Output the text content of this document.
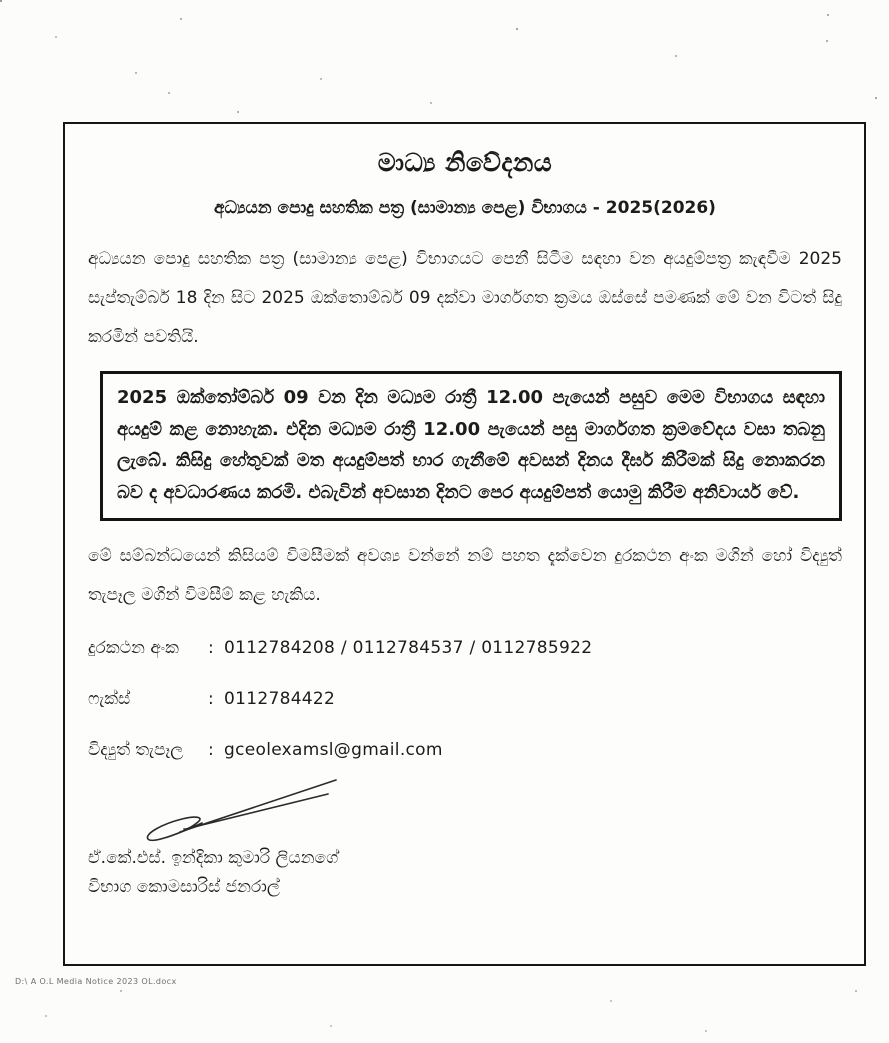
මාධ්‍ය නිවේදනය
අධ්‍යයන පොදු සහතික පත්‍ර (සාමාන්‍ය පෙළ) විභාගය - 2025(2026)

අධ්‍යයන පොදු සහතික පත්‍ර (සාමාන්‍ය පෙළ) විභාගයට පෙනී සිටීම සඳහා වන අයදුම්පත්‍ර කැඳවීම 2025 සැප්තැම්බර් 18 දින සිට 2025 ඔක්තොම්බර් 09 දක්වා මාර්ගගත ක්‍රමය ඔස්සේ පමණක් මේ වන විටත් සිදු කරමින් පවතියි.

2025 ඔක්තෝම්බර් 09 වන දින මධ්‍යම රාත්‍රී 12.00 පැයෙන් පසුව මෙම විභාගය සඳහා අයදුම් කළ නොහැක. එදින මධ්‍යම රාත්‍රී 12.00 පැයෙන් පසු මාර්ගගත ක්‍රමවේදය වසා තබනු ලැබේ. කිසිදු හේතුවක් මත අයදුම්පත් භාර ගැනීමේ අවසන් දිනය දීර්ඝ කිරීමක් සිදු නොකරන බව ද අවධාරණය කරමි. එබැවින් අවසාන දිනට පෙර අයදුම්පත් යොමු කිරීම අනිවාර්ය වේ.

මේ සම්බන්ධයෙන් කිසියම් විමසීමක් අවශ්‍ය වන්නේ නම් පහත දැක්වෙන දුරකථන අංක මගින් හෝ විද්‍යුත් තැපෑල මගින් විමසීම් කළ හැකිය.

දුරකථන අංක	: 0112784208 / 0112784537 / 0112785922
ෆැක්ස්	: 0112784422
විද්‍යුත් තැපෑල	: gceolexamsl@gmail.com
ඒ.කේ.එස්. ඉන්දිකා කුමාරි ලියනගේ
විභාග කොමසාරිස් ජනරාල්
D:\ A O.L Media Notice 2023 OL.docx
